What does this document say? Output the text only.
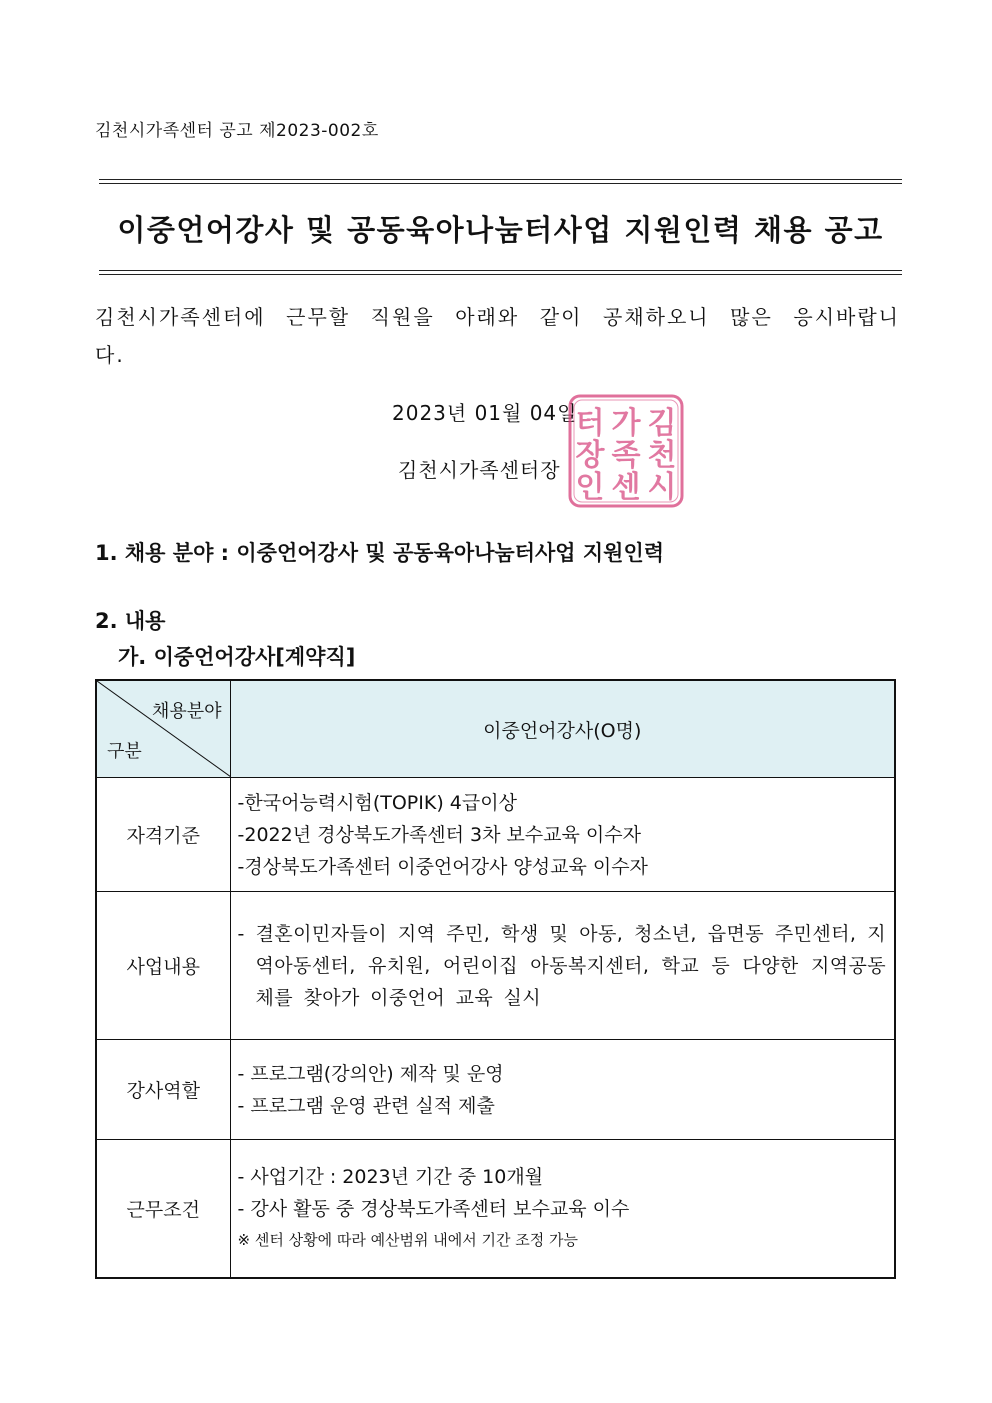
김천시가족센터 공고 제2023-002호
이중언어강사 및 공동육아나눔터사업 지원인력 채용 공고
김천시가족센터에 근무할 직원을 아래와 같이 공채하오니 많은 응시바랍니다.
2023년 01월 04일
김천시가족센터장
김
천
시
가
족
센
터
장
인
1. 채용 분야 : 이중언어강사 및 공동육아나눔터사업 지원인력
2. 내용
가. 이중언어강사[계약직]
채용분야
구분	이중언어강사(O명)
자격기준	-한국어능력시험(TOPIK) 4급이상
-2022년 경상북도가족센터 3차 보수교육 이수자
-경상북도가족센터 이중언어강사 양성교육 이수자

사업내용	- 결혼이민자들이 지역 주민, 학생 및 아동, 청소년, 읍면동 주민센터, 지역아동센터, 유치원, 어린이집 아동복지센터, 학교 등 다양한 지역공동체를 찾아가 이중언어 교육 실시

강사역할	- 프로그램(강의안) 제작 및 운영
- 프로그램 운영 관련 실적 제출

근무조건	- 사업기간 : 2023년 기간 중 10개월
- 강사 활동 중 경상북도가족센터 보수교육 이수
※ 센터 상황에 따라 예산범위 내에서 기간 조정 가능
